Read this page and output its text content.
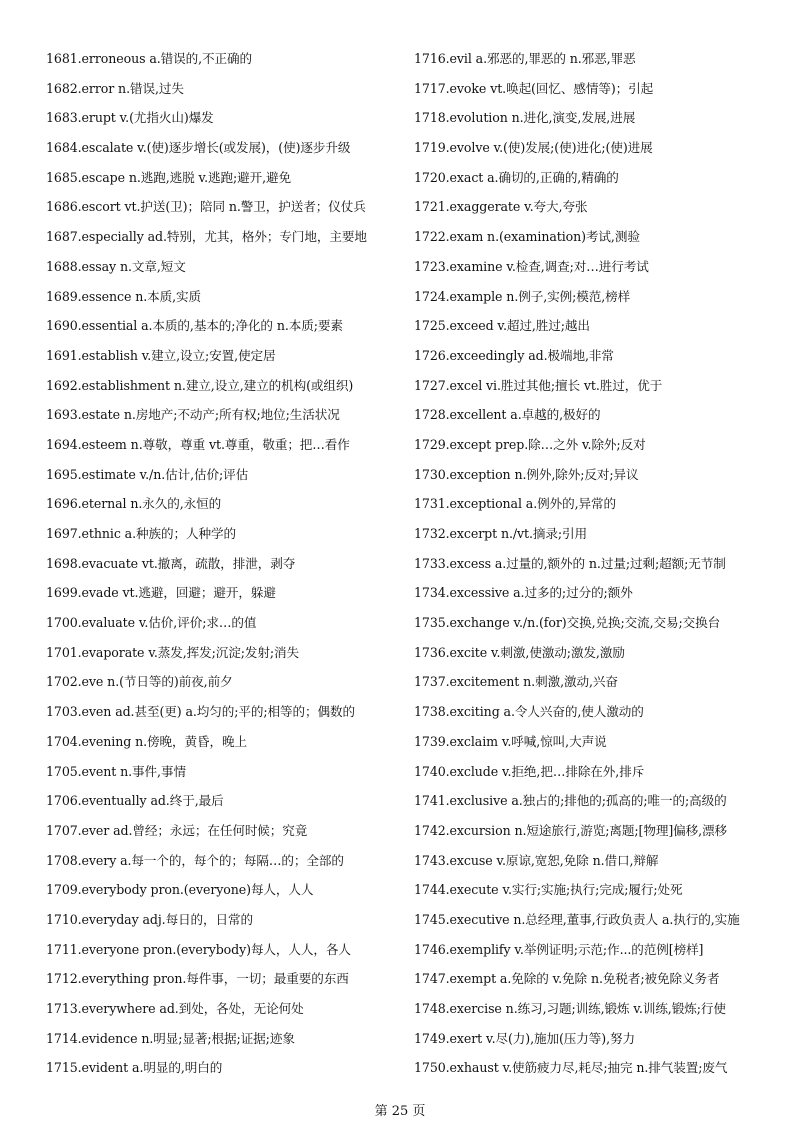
1681.erroneous a.错误的,不正确的
1682.error n.错误,过失
1683.erupt v.(尤指火山)爆发
1684.escalate v.(使)逐步增长(或发展)，(使)逐步升级
1685.escape n.逃跑,逃脱 v.逃跑;避开,避免
1686.escort vt.护送(卫)；陪同 n.警卫，护送者；仪仗兵
1687.especially ad.特别，尤其，格外；专门地，主要地
1688.essay n.文章,短文
1689.essence n.本质,实质
1690.essential a.本质的,基本的;净化的 n.本质;要素
1691.establish v.建立,设立;安置,使定居
1692.establishment n.建立,设立,建立的机构(或组织)
1693.estate n.房地产;不动产;所有权;地位;生活状况
1694.esteem n.尊敬，尊重 vt.尊重，敬重；把…看作
1695.estimate v./n.估计,估价;评估
1696.eternal n.永久的,永恒的
1697.ethnic a.种族的；人种学的
1698.evacuate vt.撤离，疏散，排泄，剥夺
1699.evade vt.逃避，回避；避开，躲避
1700.evaluate v.估价,评价;求…的值
1701.evaporate v.蒸发,挥发;沉淀;发射;消失
1702.eve n.(节日等的)前夜,前夕
1703.even ad.甚至(更) a.均匀的;平的;相等的；偶数的
1704.evening n.傍晚，黄昏，晚上
1705.event n.事件,事情
1706.eventually ad.终于,最后
1707.ever ad.曾经；永远；在任何时候；究竟
1708.every a.每一个的，每个的；每隔…的；全部的
1709.everybody pron.(everyone)每人，人人
1710.everyday adj.每日的，日常的
1711.everyone pron.(everybody)每人，人人，各人
1712.everything pron.每件事，一切；最重要的东西
1713.everywhere ad.到处，各处，无论何处
1714.evidence n.明显;显著;根据;证据;迹象
1715.evident a.明显的,明白的
1716.evil a.邪恶的,罪恶的 n.邪恶,罪恶
1717.evoke vt.唤起(回忆、感情等)；引起
1718.evolution n.进化,演变,发展,进展
1719.evolve v.(使)发展;(使)进化;(使)进展
1720.exact a.确切的,正确的,精确的
1721.exaggerate v.夸大,夸张
1722.exam n.(examination)考试,测验
1723.examine v.检查,调查;对…进行考试
1724.example n.例子,实例;模范,榜样
1725.exceed v.超过,胜过;越出
1726.exceedingly ad.极端地,非常
1727.excel vi.胜过其他;擅长 vt.胜过，优于
1728.excellent a.卓越的,极好的
1729.except prep.除…之外 v.除外;反对
1730.exception n.例外,除外;反对;异议
1731.exceptional a.例外的,异常的
1732.excerpt n./vt.摘录;引用
1733.excess a.过量的,额外的 n.过量;过剩;超额;无节制
1734.excessive a.过多的;过分的;额外
1735.exchange v./n.(for)交换,兑换;交流,交易;交换台
1736.excite v.刺激,使激动;激发,激励
1737.excitement n.刺激,激动,兴奋
1738.exciting a.令人兴奋的,使人激动的
1739.exclaim v.呼喊,惊叫,大声说
1740.exclude v.拒绝,把…排除在外,排斥
1741.exclusive a.独占的;排他的;孤高的;唯一的;高级的
1742.excursion n.短途旅行,游览;离题;[物理]偏移,漂移
1743.excuse v.原谅,宽恕,免除 n.借口,辩解
1744.execute v.实行;实施;执行;完成;履行;处死
1745.executive n.总经理,董事,行政负责人 a.执行的,实施
1746.exemplify v.举例证明;示范;作...的范例[榜样]
1747.exempt a.免除的 v.免除 n.免税者;被免除义务者
1748.exercise n.练习,习题;训练,锻炼 v.训练,锻炼;行使
1749.exert v.尽(力),施加(压力等),努力
1750.exhaust v.使筋疲力尽,耗尽;抽完 n.排气装置;废气
第 25 页
